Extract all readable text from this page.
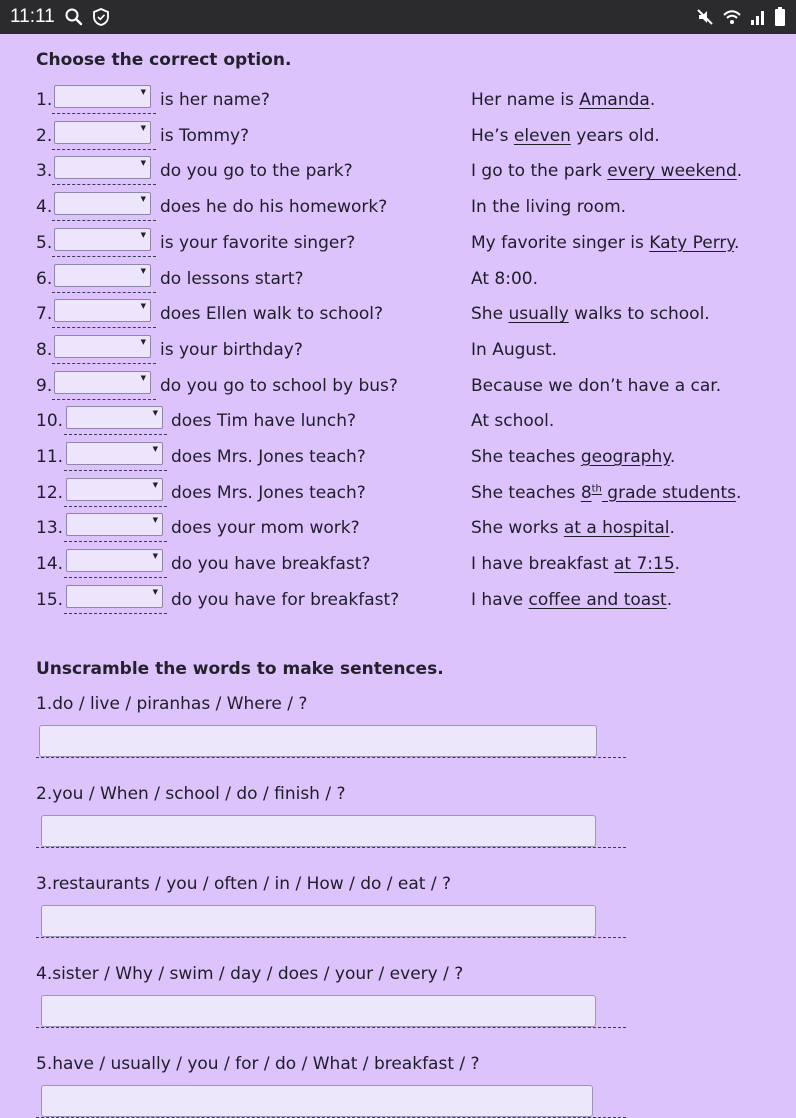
11:11
Choose the correct option.
1.	▼ is her name?	Her name is Amanda.
2.	▼ is Tommy?	He’s eleven years old.
3.	▼ do you go to the park?	I go to the park every weekend.
4.	▼ does he do his homework?	In the living room.
5.	▼ is your favorite singer?	My favorite singer is Katy Perry.
6.	▼ do lessons start?	At 8:00.
7.	▼ does Ellen walk to school?	She usually walks to school.
8.	▼ is your birthday?	In August.
9.	▼ do you go to school by bus?	Because we don’t have a car.
10.	▼ does Tim have lunch?	At school.
11.	▼ does Mrs. Jones teach?	She teaches geography.
12.	▼ does Mrs. Jones teach?	She teaches 8th grade students.
13.	▼ does your mom work?	She works at a hospital.
14.	▼ do you have breakfast?	I have breakfast at 7:15.
15.	▼ do you have for breakfast?	I have coffee and toast.
Unscramble the words to make sentences.
1.do / live / piranhas / Where / ?
2.you / When / school / do / finish / ?
3.restaurants / you / often / in / How / do / eat / ?
4.sister / Why / swim / day / does / your / every / ?
5.have / usually / you / for / do / What / breakfast / ?
